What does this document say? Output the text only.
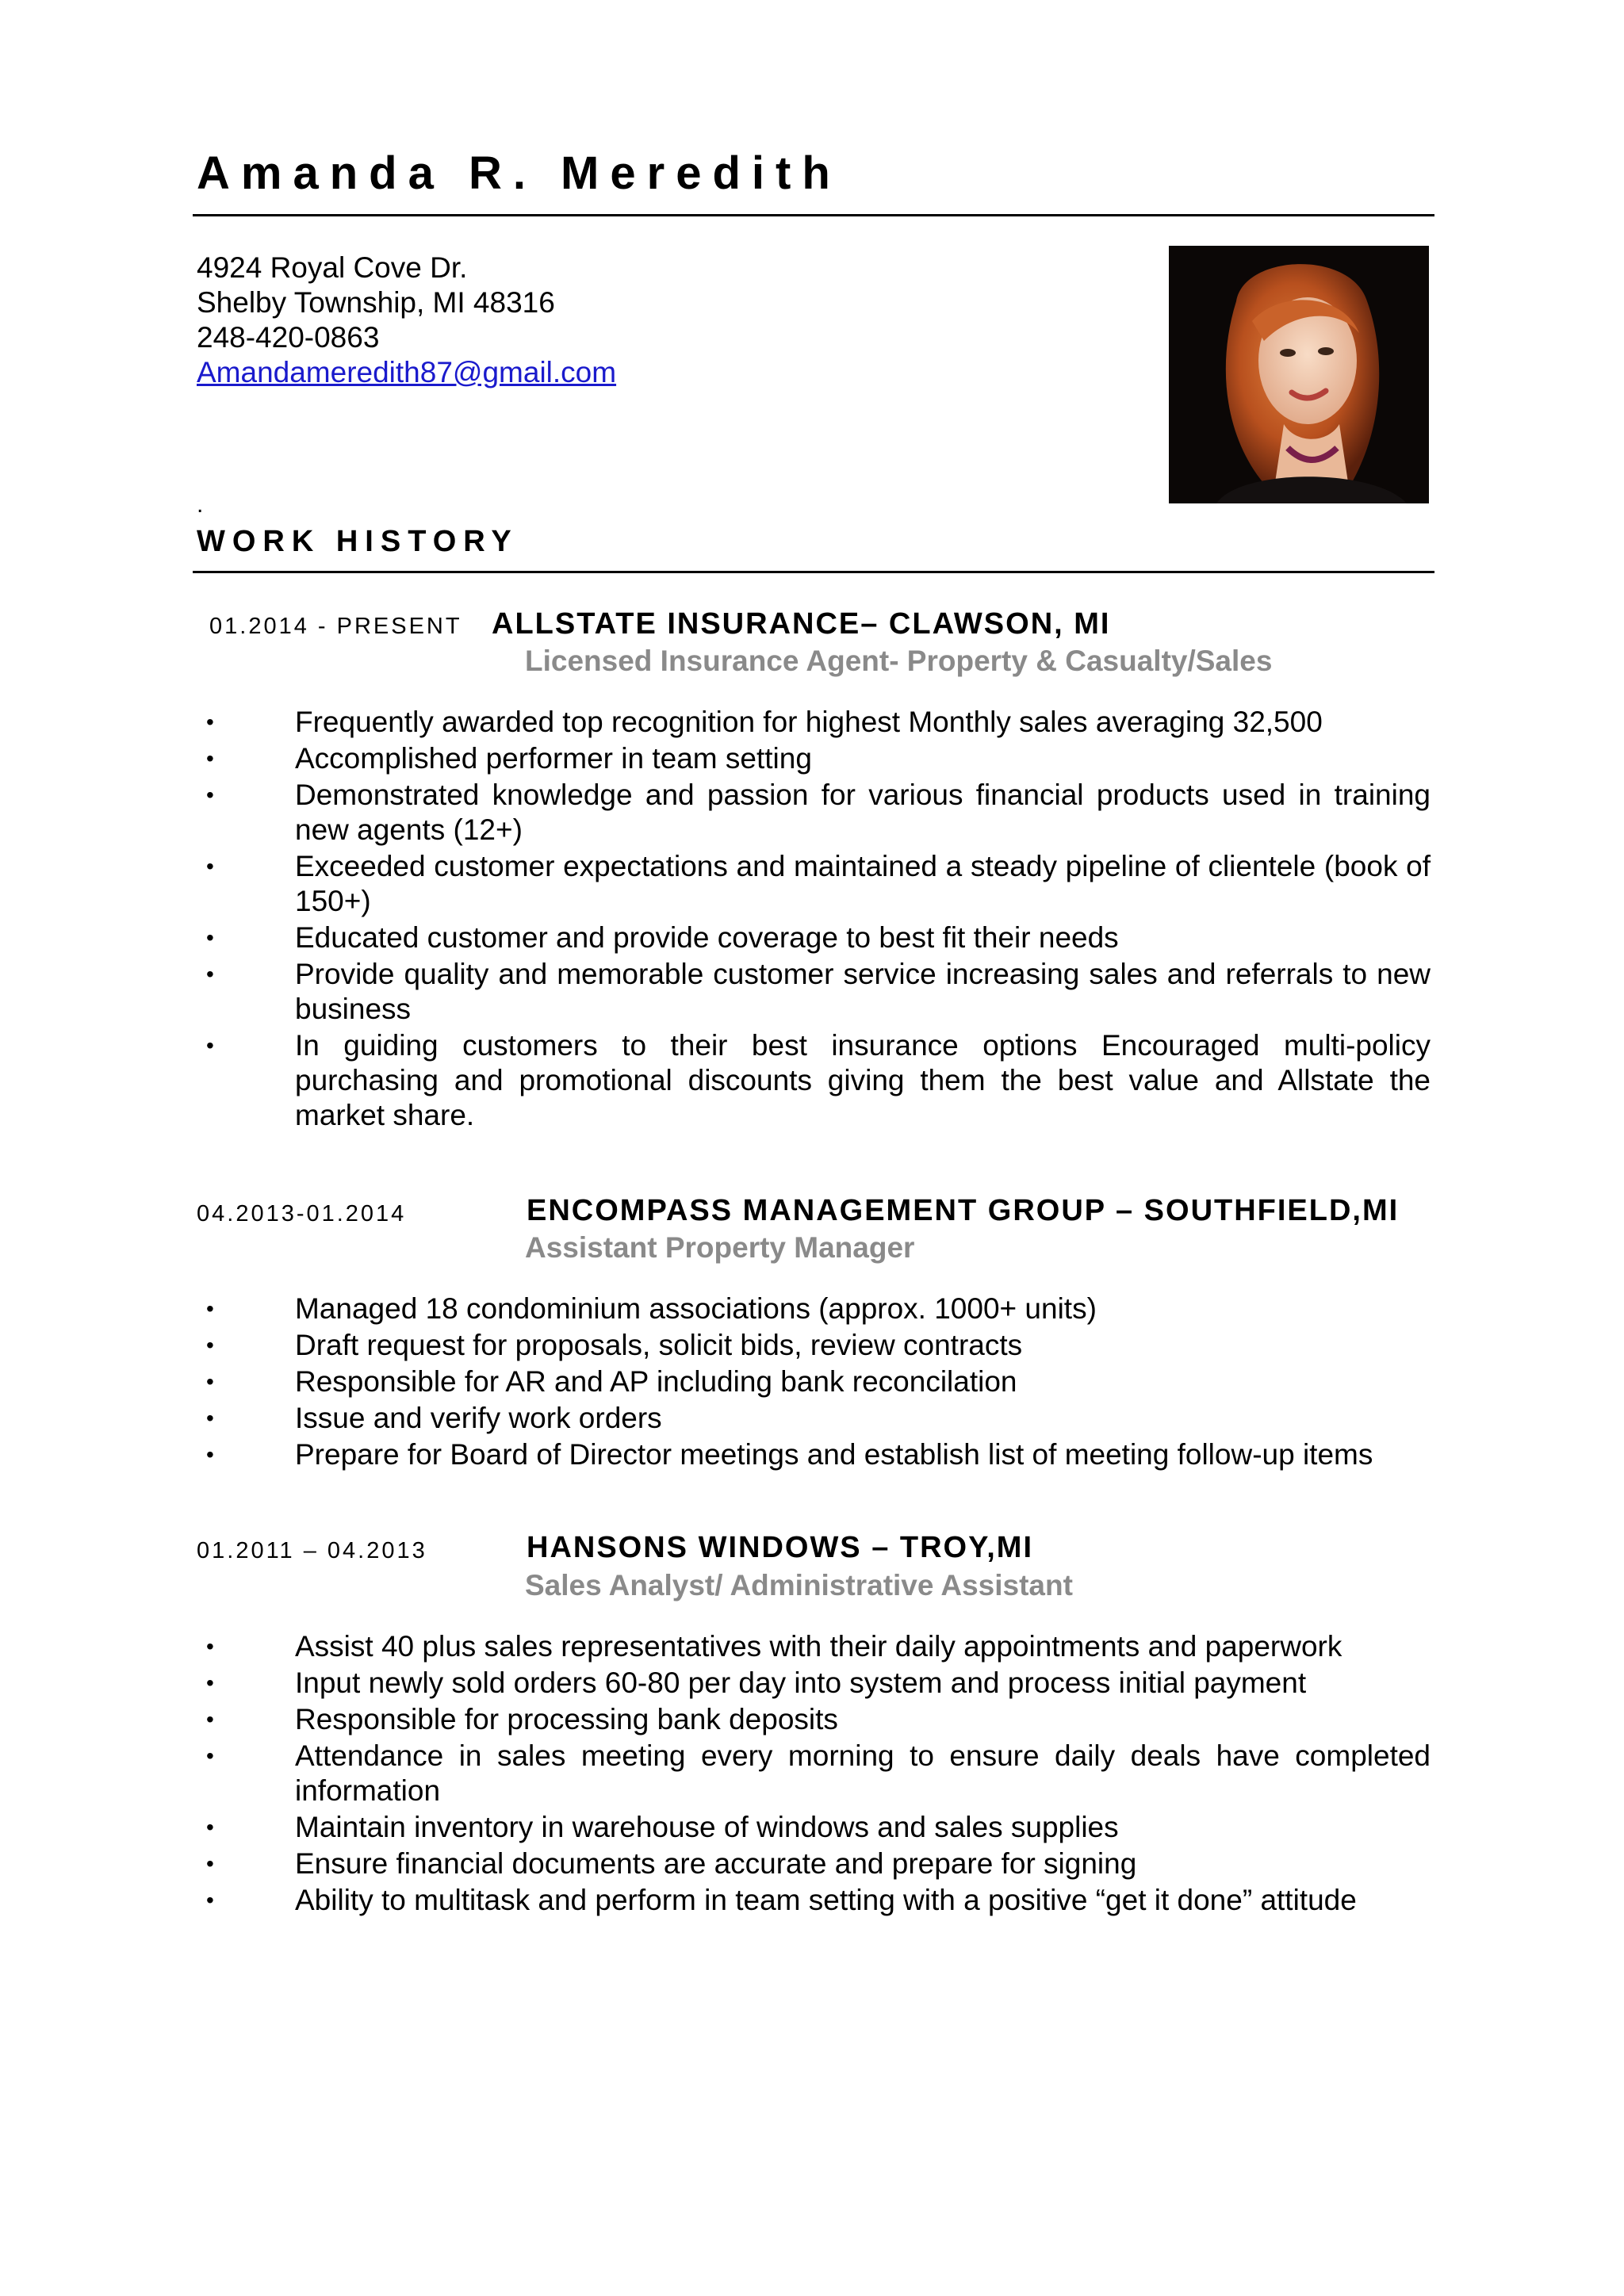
Amanda R. Meredith
4924 Royal Cove Dr.
Shelby Township, MI 48316
248-420-0863
Amandameredith87@gmail.com
.
WORK HISTORY
01.2014 - PRESENT ALLSTATE INSURANCE– CLAWSON, MI
Licensed Insurance Agent- Property & Casualty/Sales
•	Frequently awarded top recognition for highest Monthly sales averaging 32,500
•	Accomplished performer in team setting
•	Demonstrated knowledge and passion for various financial products used in training new agents (12+)
•	Exceeded customer expectations and maintained a steady pipeline of clientele (book of 150+)
•	Educated customer and provide coverage to best fit their needs
•	Provide quality and memorable customer service increasing sales and referrals to new business
•	In guiding customers to their best insurance options Encouraged multi-policy purchasing and promotional discounts giving them the best value and Allstate the market share.
04.2013-01.2014	ENCOMPASS MANAGEMENT GROUP – SOUTHFIELD,MI
Assistant Property Manager
•	Managed 18 condominium associations (approx. 1000+ units)
•	Draft request for proposals, solicit bids, review contracts
•	Responsible for AR and AP including bank reconcilation
•	Issue and verify work orders
•	Prepare for Board of Director meetings and establish list of meeting follow-up items
01.2011 – 04.2013	HANSONS WINDOWS – TROY,MI
Sales Analyst/ Administrative Assistant
•	Assist 40 plus sales representatives with their daily appointments and paperwork
•	Input newly sold orders 60-80 per day into system and process initial payment
•	Responsible for processing bank deposits
•	Attendance in sales meeting every morning to ensure daily deals have completed information
•	Maintain inventory in warehouse of windows and sales supplies
•	Ensure financial documents are accurate and prepare for signing
•	Ability to multitask and perform in team setting with a positive “get it done” attitude
